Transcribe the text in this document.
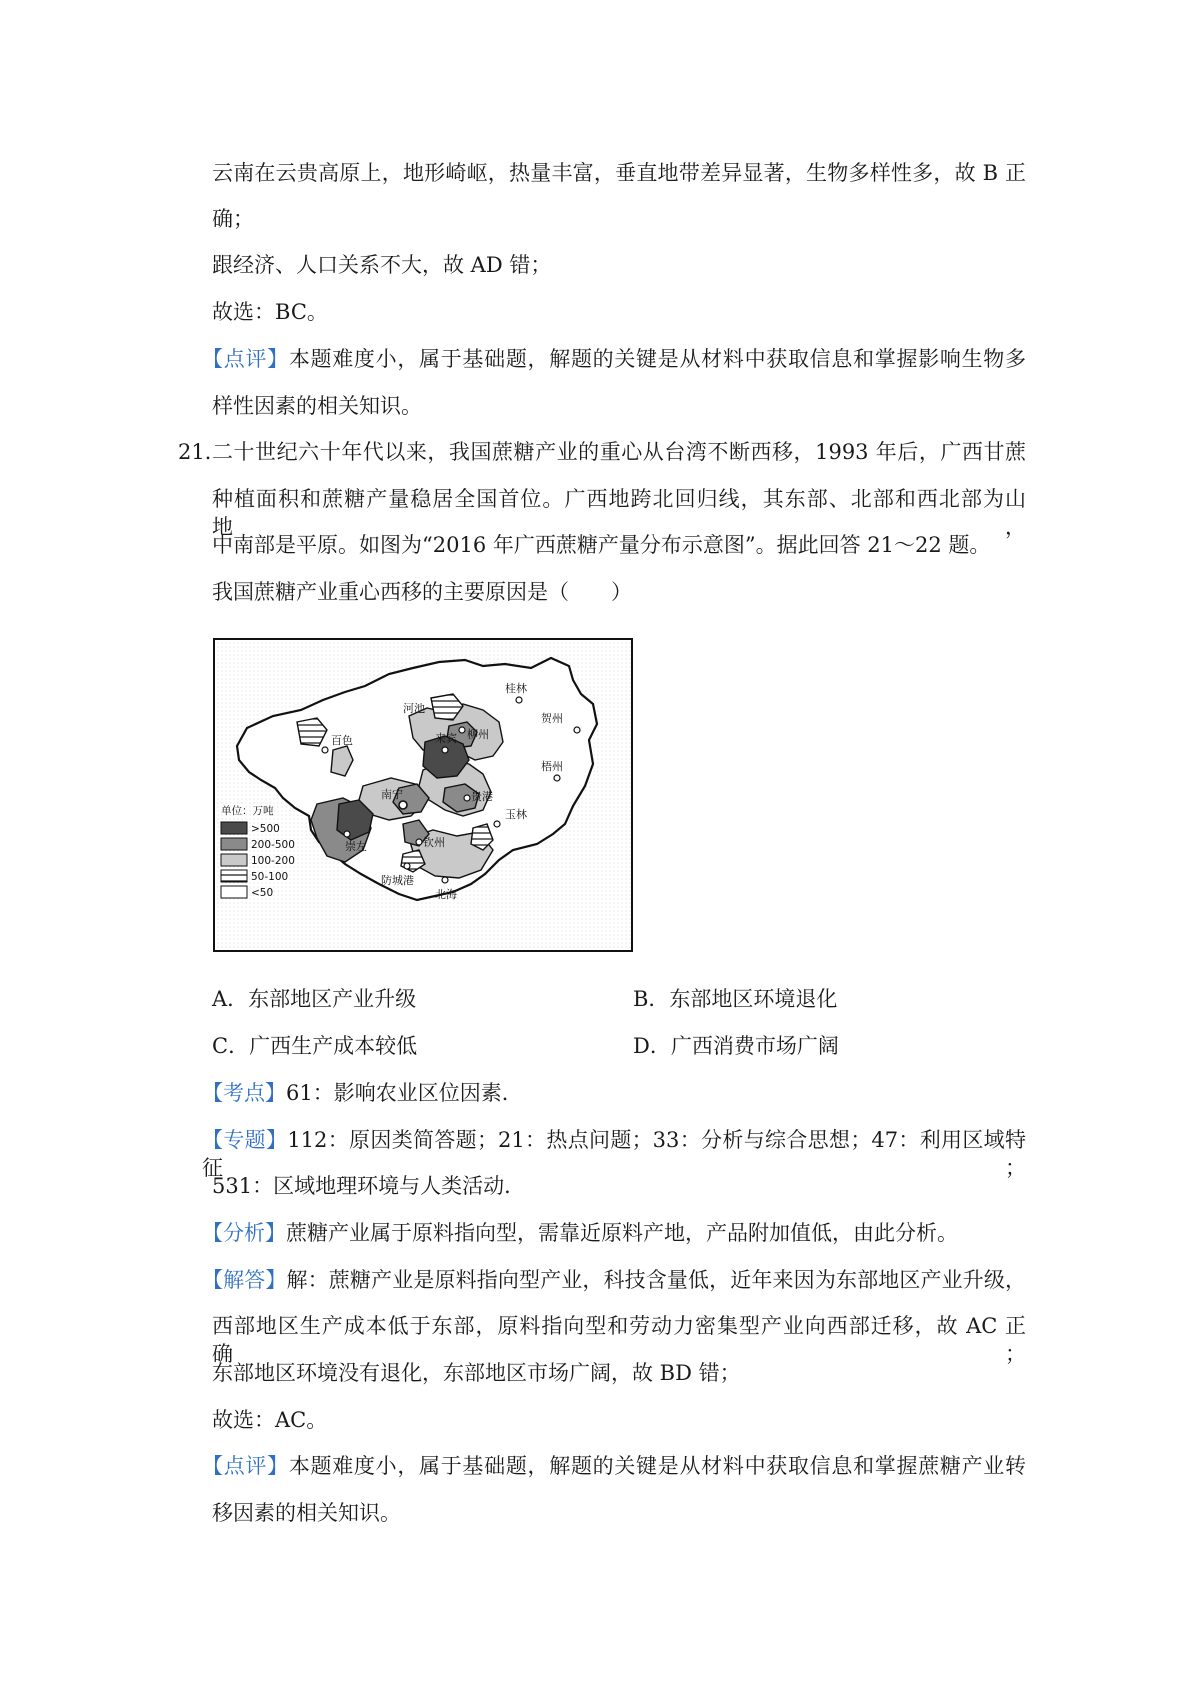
云南在云贵高原上，地形崎岖，热量丰富，垂直地带差异显著，生物多样性多，故 B 正
确；
跟经济、人口关系不大，故 AD 错；
故选：BC。
【点评】本题难度小，属于基础题，解题的关键是从材料中获取信息和掌握影响生物多
样性因素的相关知识。
21．
二十世纪六十年代以来，我国蔗糖产业的重心从台湾不断西移，1993 年后，广西甘蔗
种植面积和蔗糖产量稳居全国首位。广西地跨北回归线，其东部、北部和西北部为山地，
中南部是平原。如图为“2016 年广西蔗糖产量分布示意图”。据此回答 21～22 题。
我国蔗糖产业重心西移的主要原因是（　　）
桂林
河池
柳州
贺州
百色	来宾
梧州
南宁	贵港
玉林
崇左	钦州
防城港
北海
单位：万吨
>500
200-500
100-200
50-100
<50
A．东部地区产业升级	B．东部地区环境退化
C．广西生产成本较低	D．广西消费市场广阔
【考点】61：影响农业区位因素．
【专题】112：原因类简答题；21：热点问题；33：分析与综合思想；47：利用区域特征；
531：区域地理环境与人类活动．
【分析】蔗糖产业属于原料指向型，需靠近原料产地，产品附加值低，由此分析。
【解答】解：蔗糖产业是原料指向型产业，科技含量低，近年来因为东部地区产业升级，
西部地区生产成本低于东部，原料指向型和劳动力密集型产业向西部迁移，故 AC 正确；
东部地区环境没有退化，东部地区市场广阔，故 BD 错；
故选：AC。
【点评】本题难度小，属于基础题，解题的关键是从材料中获取信息和掌握蔗糖产业转
移因素的相关知识。
